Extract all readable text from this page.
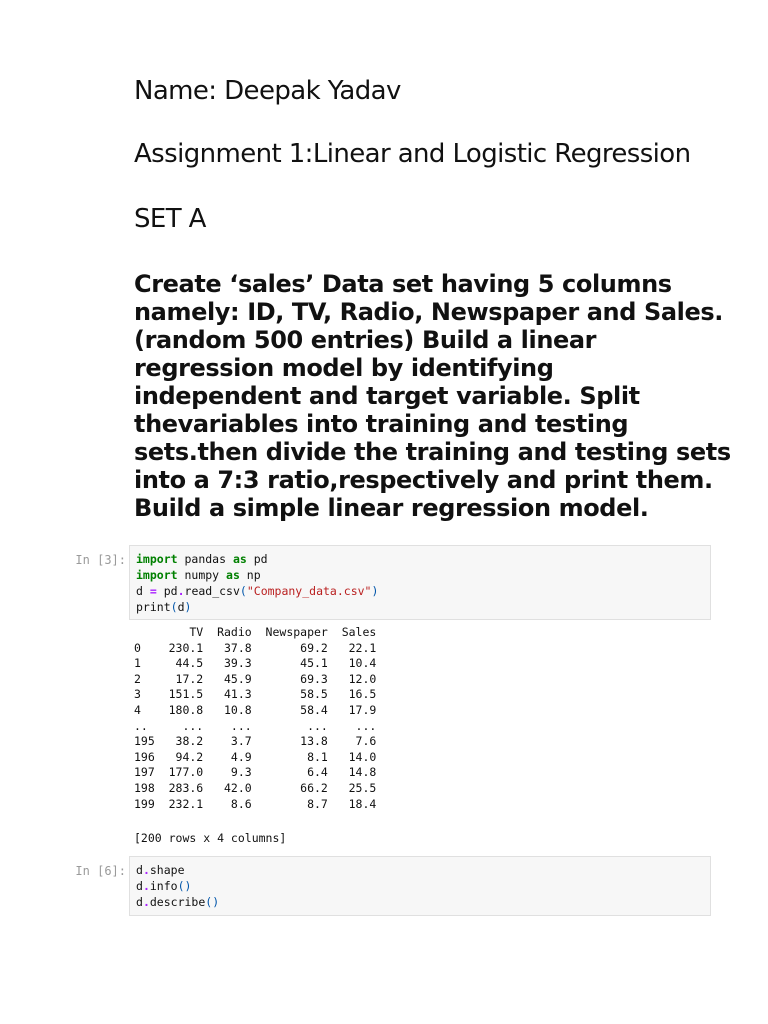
Name: Deepak Yadav
Assignment 1:Linear and Logistic Regression
SET A
Create ‘sales’ Data set having 5 columns
namely: ID, TV, Radio, Newspaper and Sales.
(random 500 entries) Build a linear
regression model by identifying
independent and target variable. Split
thevariables into training and testing
sets.then divide the training and testing sets
into a 7:3 ratio,respectively and print them.
Build a simple linear regression model.
In [3]: import pandas as pd
import numpy as np
d = pd.read_csv("Company_data.csv")
print(d)
TV  Radio  Newspaper  Sales
0    230.1   37.8       69.2   22.1
1     44.5   39.3       45.1   10.4
2     17.2   45.9       69.3   12.0
3    151.5   41.3       58.5   16.5
4    180.8   10.8       58.4   17.9
..     ...    ...        ...    ...
195   38.2    3.7       13.8    7.6
196   94.2    4.9        8.1   14.0
197  177.0    9.3        6.4   14.8
198  283.6   42.0       66.2   25.5
199  232.1    8.6        8.7   18.4
[200 rows x 4 columns]
In [6]: d.shape
d.info()
d.describe()
